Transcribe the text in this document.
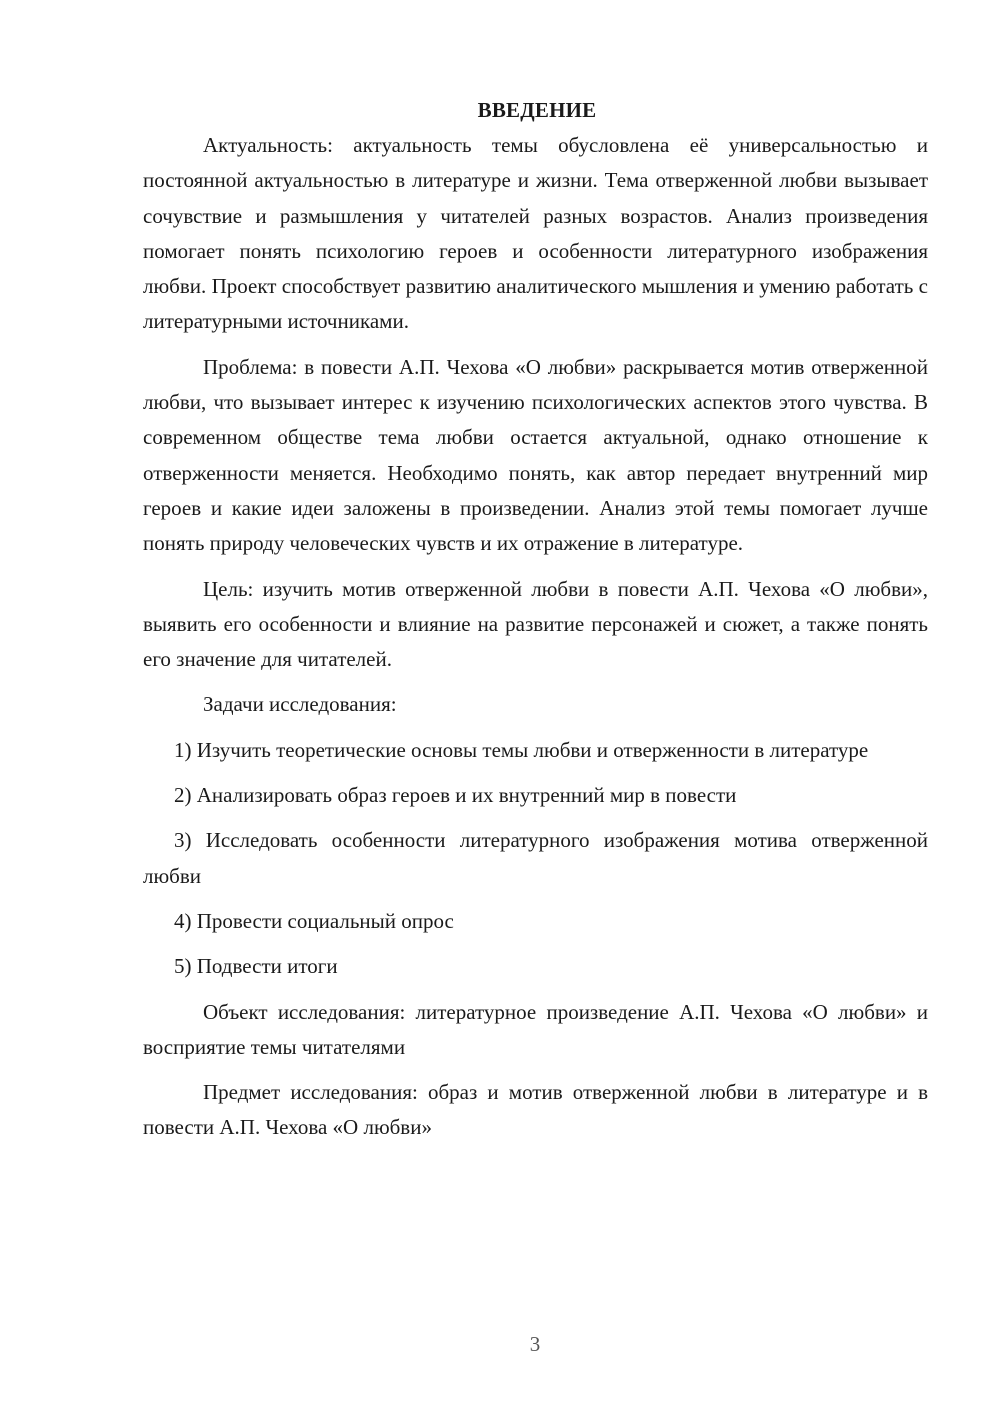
ВВЕДЕНИЕ

Актуальность: актуальность темы обусловлена её универсальностью и постоянной актуальностью в литературе и жизни. Тема отверженной любви вызывает сочувствие и размышления у читателей разных возрастов. Анализ произведения помогает понять психологию героев и особенности литературного изображения любви. Проект способствует развитию аналитического мышления и умению работать с литературными источниками.

Проблема: в повести А.П. Чехова «О любви» раскрывается мотив отверженной любви, что вызывает интерес к изучению психологических аспектов этого чувства. В современном обществе тема любви остается актуальной, однако отношение к отверженности меняется. Необходимо понять, как автор передает внутренний мир героев и какие идеи заложены в произведении. Анализ этой темы помогает лучше понять природу человеческих чувств и их отражение в литературе.

Цель: изучить мотив отверженной любви в повести А.П. Чехова «О любви», выявить его особенности и влияние на развитие персонажей и сюжет, а также понять его значение для читателей.

Задачи исследования:

1) Изучить теоретические основы темы любви и отверженности в литературе

2) Анализировать образ героев и их внутренний мир в повести

3) Исследовать особенности литературного изображения мотива отверженной любви

4) Провести социальный опрос

5) Подвести итоги

Объект исследования: литературное произведение А.П. Чехова «О любви» и восприятие темы читателями

Предмет исследования: образ и мотив отверженной любви в литературе и в повести А.П. Чехова «О любви»

3
